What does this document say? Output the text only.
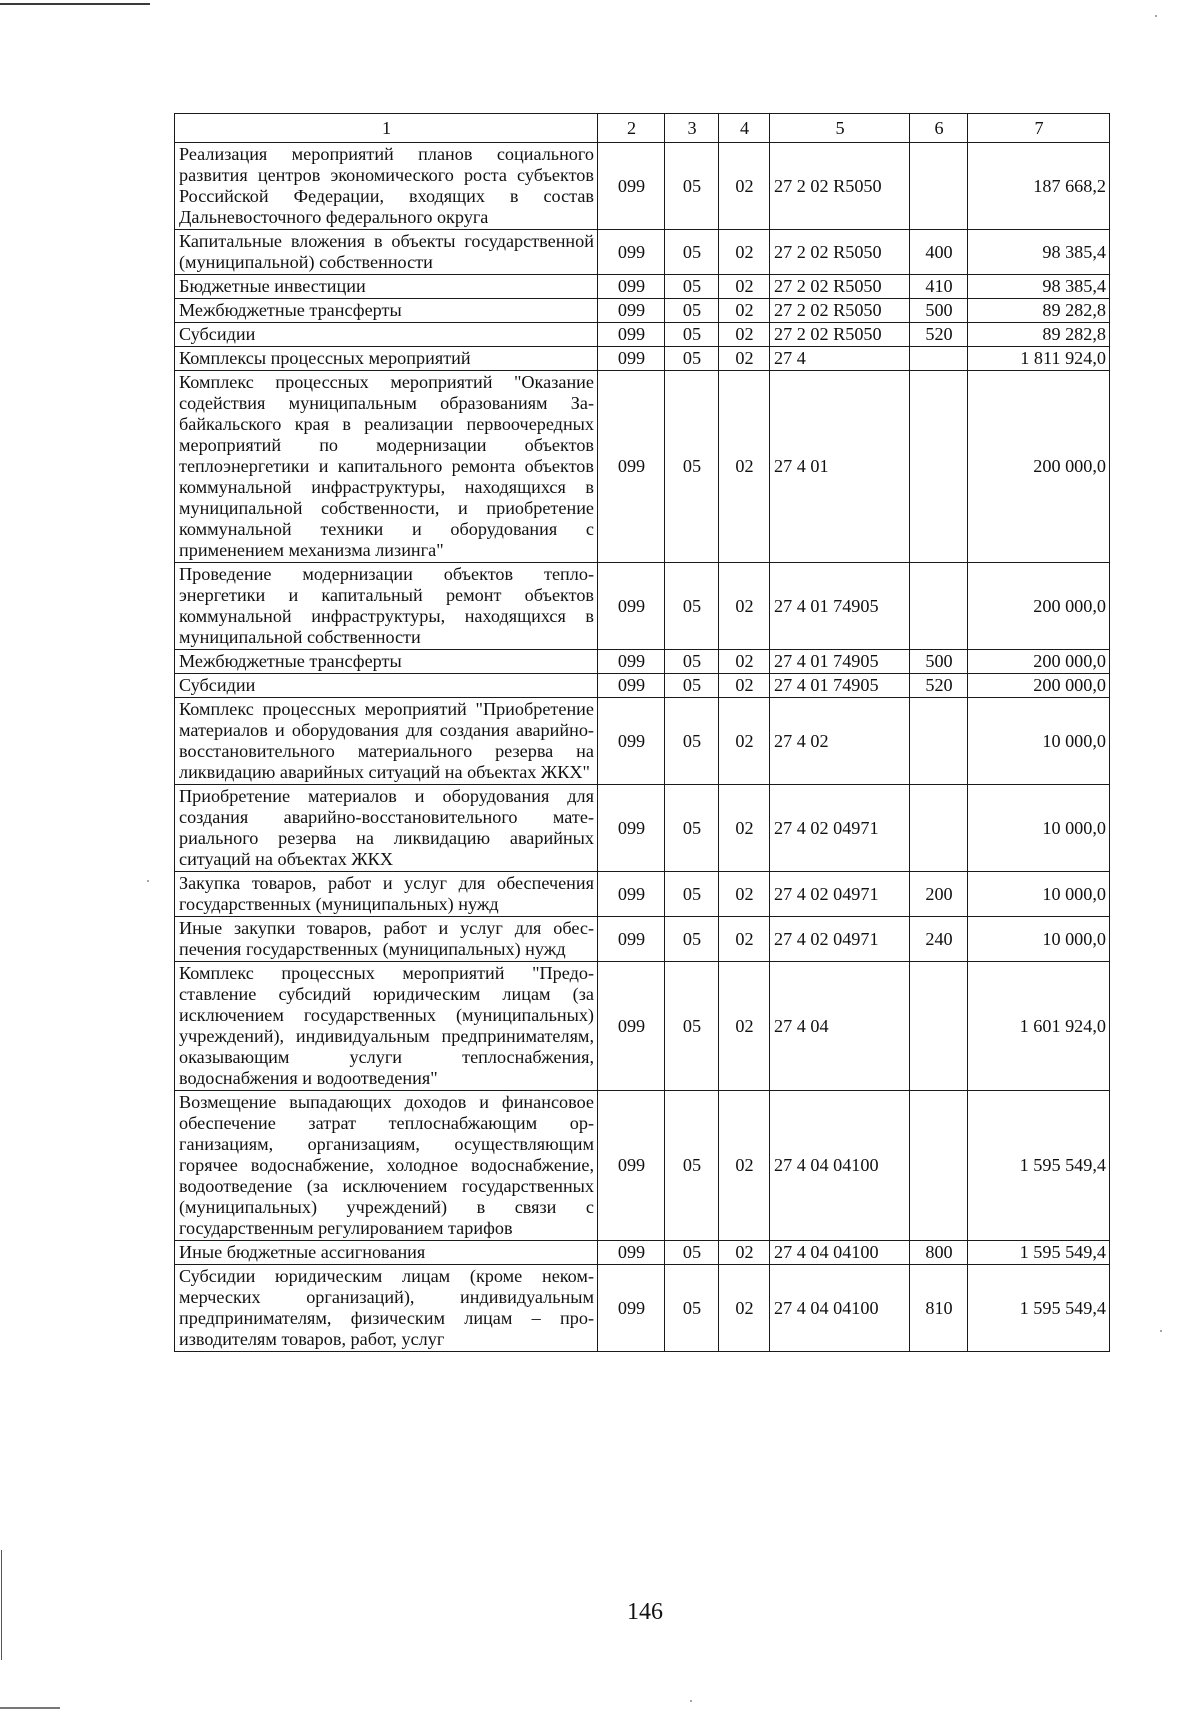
1	2	3	4	5	6	7
Реализация мероприятий планов социального развития центров экономического роста субъектов Российской Федерации, входящих в состав Дальневосточного федерального округа	099	05	02	27 2 02 R5050		187 668,2
Капитальные вложения в объекты государственной (муниципальной) собственности	099	05	02	27 2 02 R5050	400	98 385,4
Бюджетные инвестиции	099	05	02	27 2 02 R5050	410	98 385,4
Межбюджетные трансферты	099	05	02	27 2 02 R5050	500	89 282,8
Субсидии	099	05	02	27 2 02 R5050	520	89 282,8
Комплексы процессных мероприятий	099	05	02	27 4		1 811 924,0
Комплекс процессных мероприятий "Оказание содействия муниципальным образованиям Забайкальского края в реализации первоочередных мероприятий по модернизации объектов теплоэнергетики и капитального ремонта объектов коммунальной инфраструктуры, находящихся в муниципальной собственности, и приобретение коммунальной техники и оборудования с применением механизма лизинга"	099	05	02	27 4 01		200 000,0
Проведение модернизации объектов теплоэнергетики и капитальный ремонт объектов коммунальной инфраструктуры, находящихся в муниципальной собственности	099	05	02	27 4 01 74905		200 000,0
Межбюджетные трансферты	099	05	02	27 4 01 74905	500	200 000,0
Субсидии	099	05	02	27 4 01 74905	520	200 000,0
Комплекс процессных мероприятий "Приобретение материалов и оборудования для создания аварийно-восстановительного материального резерва на ликвидацию аварийных ситуаций на объектах ЖКХ"	099	05	02	27 4 02		10 000,0
Приобретение материалов и оборудования для создания аварийно-восстановительного материального резерва на ликвидацию аварийных ситуаций на объектах ЖКХ	099	05	02	27 4 02 04971		10 000,0
Закупка товаров, работ и услуг для обеспечения государственных (муниципальных) нужд	099	05	02	27 4 02 04971	200	10 000,0
Иные закупки товаров, работ и услуг для обеспечения государственных (муниципальных) нужд	099	05	02	27 4 02 04971	240	10 000,0
Комплекс процессных мероприятий "Предоставление субсидий юридическим лицам (за исключением государственных (муниципальных) учреждений), индивидуальным предпринимателям, оказывающим услуги теплоснабжения, водоснабжения и водоотведения"	099	05	02	27 4 04		1 601 924,0
Возмещение выпадающих доходов и финансовое обеспечение затрат теплоснабжающим организациям, организациям, осуществляющим горячее водоснабжение, холодное водоснабжение, водоотведение (за исключением государственных (муниципальных) учреждений) в связи с государственным регулированием тарифов	099	05	02	27 4 04 04100		1 595 549,4
Иные бюджетные ассигнования	099	05	02	27 4 04 04100	800	1 595 549,4
Субсидии юридическим лицам (кроме некоммерческих организаций), индивидуальным предпринимателям, физическим лицам – производителям товаров, работ, услуг	099	05	02	27 4 04 04100	810	1 595 549,4
146
